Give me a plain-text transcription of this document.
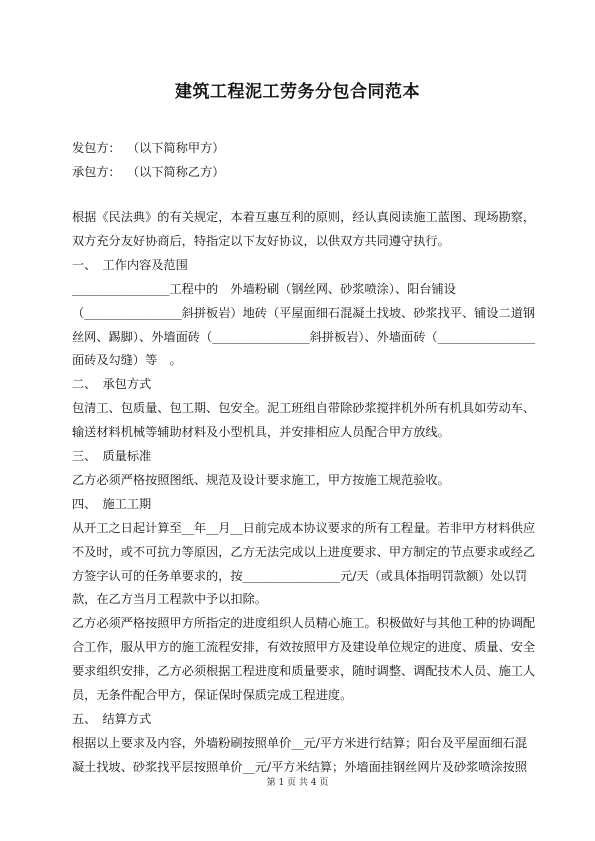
建筑工程泥工劳务分包合同范本
发包方： （以下简称甲方）
承包方： （以下简称乙方）
根据《民法典》的有关规定，本着互惠互利的原则，经认真阅读施工蓝图、现场勘察，
双方充分友好协商后，特指定以下友好协议，以供双方共同遵守执行。
一、　工作内容及范围
________________工程中的　外墙粉刷（钢丝网、砂浆喷涂）、阳台铺设
（________________斜拼板岩）地砖（平屋面细石混凝土找坡、砂浆找平、铺设二道钢
丝网、踢脚）、外墙面砖（________________斜拼板岩）、外墙面砖（________________
面砖及勾缝）等　。
二、　承包方式
包清工、包质量、包工期、包安全。泥工班组自带除砂浆搅拌机外所有机具如劳动车、
输送材料机械等辅助材料及小型机具，并安排相应人员配合甲方放线。
三、　质量标准
乙方必须严格按照图纸、规范及设计要求施工，甲方按施工规范验收。
四、　施工工期
从开工之日起计算至__年__月__日前完成本协议要求的所有工程量。若非甲方材料供应
不及时，或不可抗力等原因，乙方无法完成以上进度要求、甲方制定的节点要求或经乙
方签字认可的任务单要求的，按________________元/天（或具体指明罚款额）处以罚
款，在乙方当月工程款中予以扣除。
乙方必须严格按照甲方所指定的进度组织人员精心施工。积极做好与其他工种的协调配
合工作，服从甲方的施工流程安排，有效按照甲方及建设单位规定的进度、质量、安全
要求组织安排，乙方必须根据工程进度和质量要求，随时调整、调配技术人员、施工人
员，无条件配合甲方，保证保时保质完成工程进度。
五、　结算方式
根据以上要求及内容，外墙粉刷按照单价__元/平方米进行结算；阳台及平屋面细石混
凝土找坡、砂浆找平层按照单价__元/平方米结算；外墙面挂钢丝网片及砂浆喷涂按照
第 1 页 共 4 页
